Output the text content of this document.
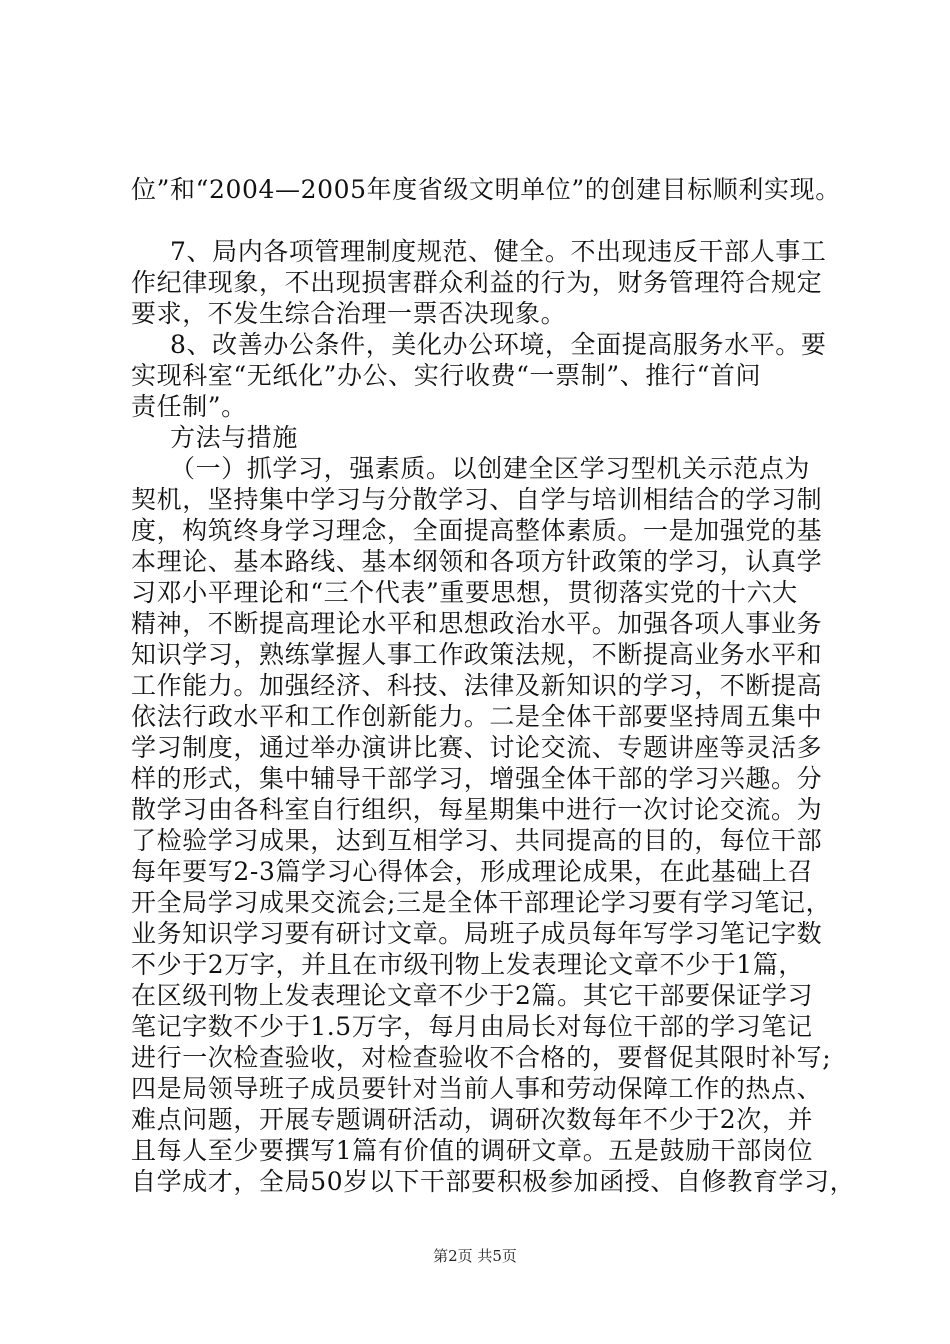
位”和“2004—2005年度省级文明单位”的创建目标顺利实现。
7、局内各项管理制度规范、健全。不出现违反干部人事工
作纪律现象，不出现损害群众利益的行为，财务管理符合规定
要求，不发生综合治理一票否决现象。
8、改善办公条件，美化办公环境，全面提高服务水平。要
实现科室“无纸化”办公、实行收费“一票制”、推行“首问
责任制”。
方法与措施
（一）抓学习，强素质。以创建全区学习型机关示范点为
契机，坚持集中学习与分散学习、自学与培训相结合的学习制
度，构筑终身学习理念，全面提高整体素质。一是加强党的基
本理论、基本路线、基本纲领和各项方针政策的学习，认真学
习邓小平理论和“三个代表”重要思想，贯彻落实党的十六大
精神，不断提高理论水平和思想政治水平。加强各项人事业务
知识学习，熟练掌握人事工作政策法规，不断提高业务水平和
工作能力。加强经济、科技、法律及新知识的学习，不断提高
依法行政水平和工作创新能力。二是全体干部要坚持周五集中
学习制度，通过举办演讲比赛、讨论交流、专题讲座等灵活多
样的形式，集中辅导干部学习，增强全体干部的学习兴趣。分
散学习由各科室自行组织，每星期集中进行一次讨论交流。为
了检验学习成果，达到互相学习、共同提高的目的，每位干部
每年要写2-3篇学习心得体会，形成理论成果，在此基础上召
开全局学习成果交流会;三是全体干部理论学习要有学习笔记，
业务知识学习要有研讨文章。局班子成员每年写学习笔记字数
不少于2万字，并且在市级刊物上发表理论文章不少于1篇，
在区级刊物上发表理论文章不少于2篇。其它干部要保证学习
笔记字数不少于1.5万字，每月由局长对每位干部的学习笔记
进行一次检查验收，对检查验收不合格的，要督促其限时补写;
四是局领导班子成员要针对当前人事和劳动保障工作的热点、
难点问题，开展专题调研活动，调研次数每年不少于2次，并
且每人至少要撰写1篇有价值的调研文章。五是鼓励干部岗位
自学成才，全局50岁以下干部要积极参加函授、自修教育学习，
第2页 共5页
